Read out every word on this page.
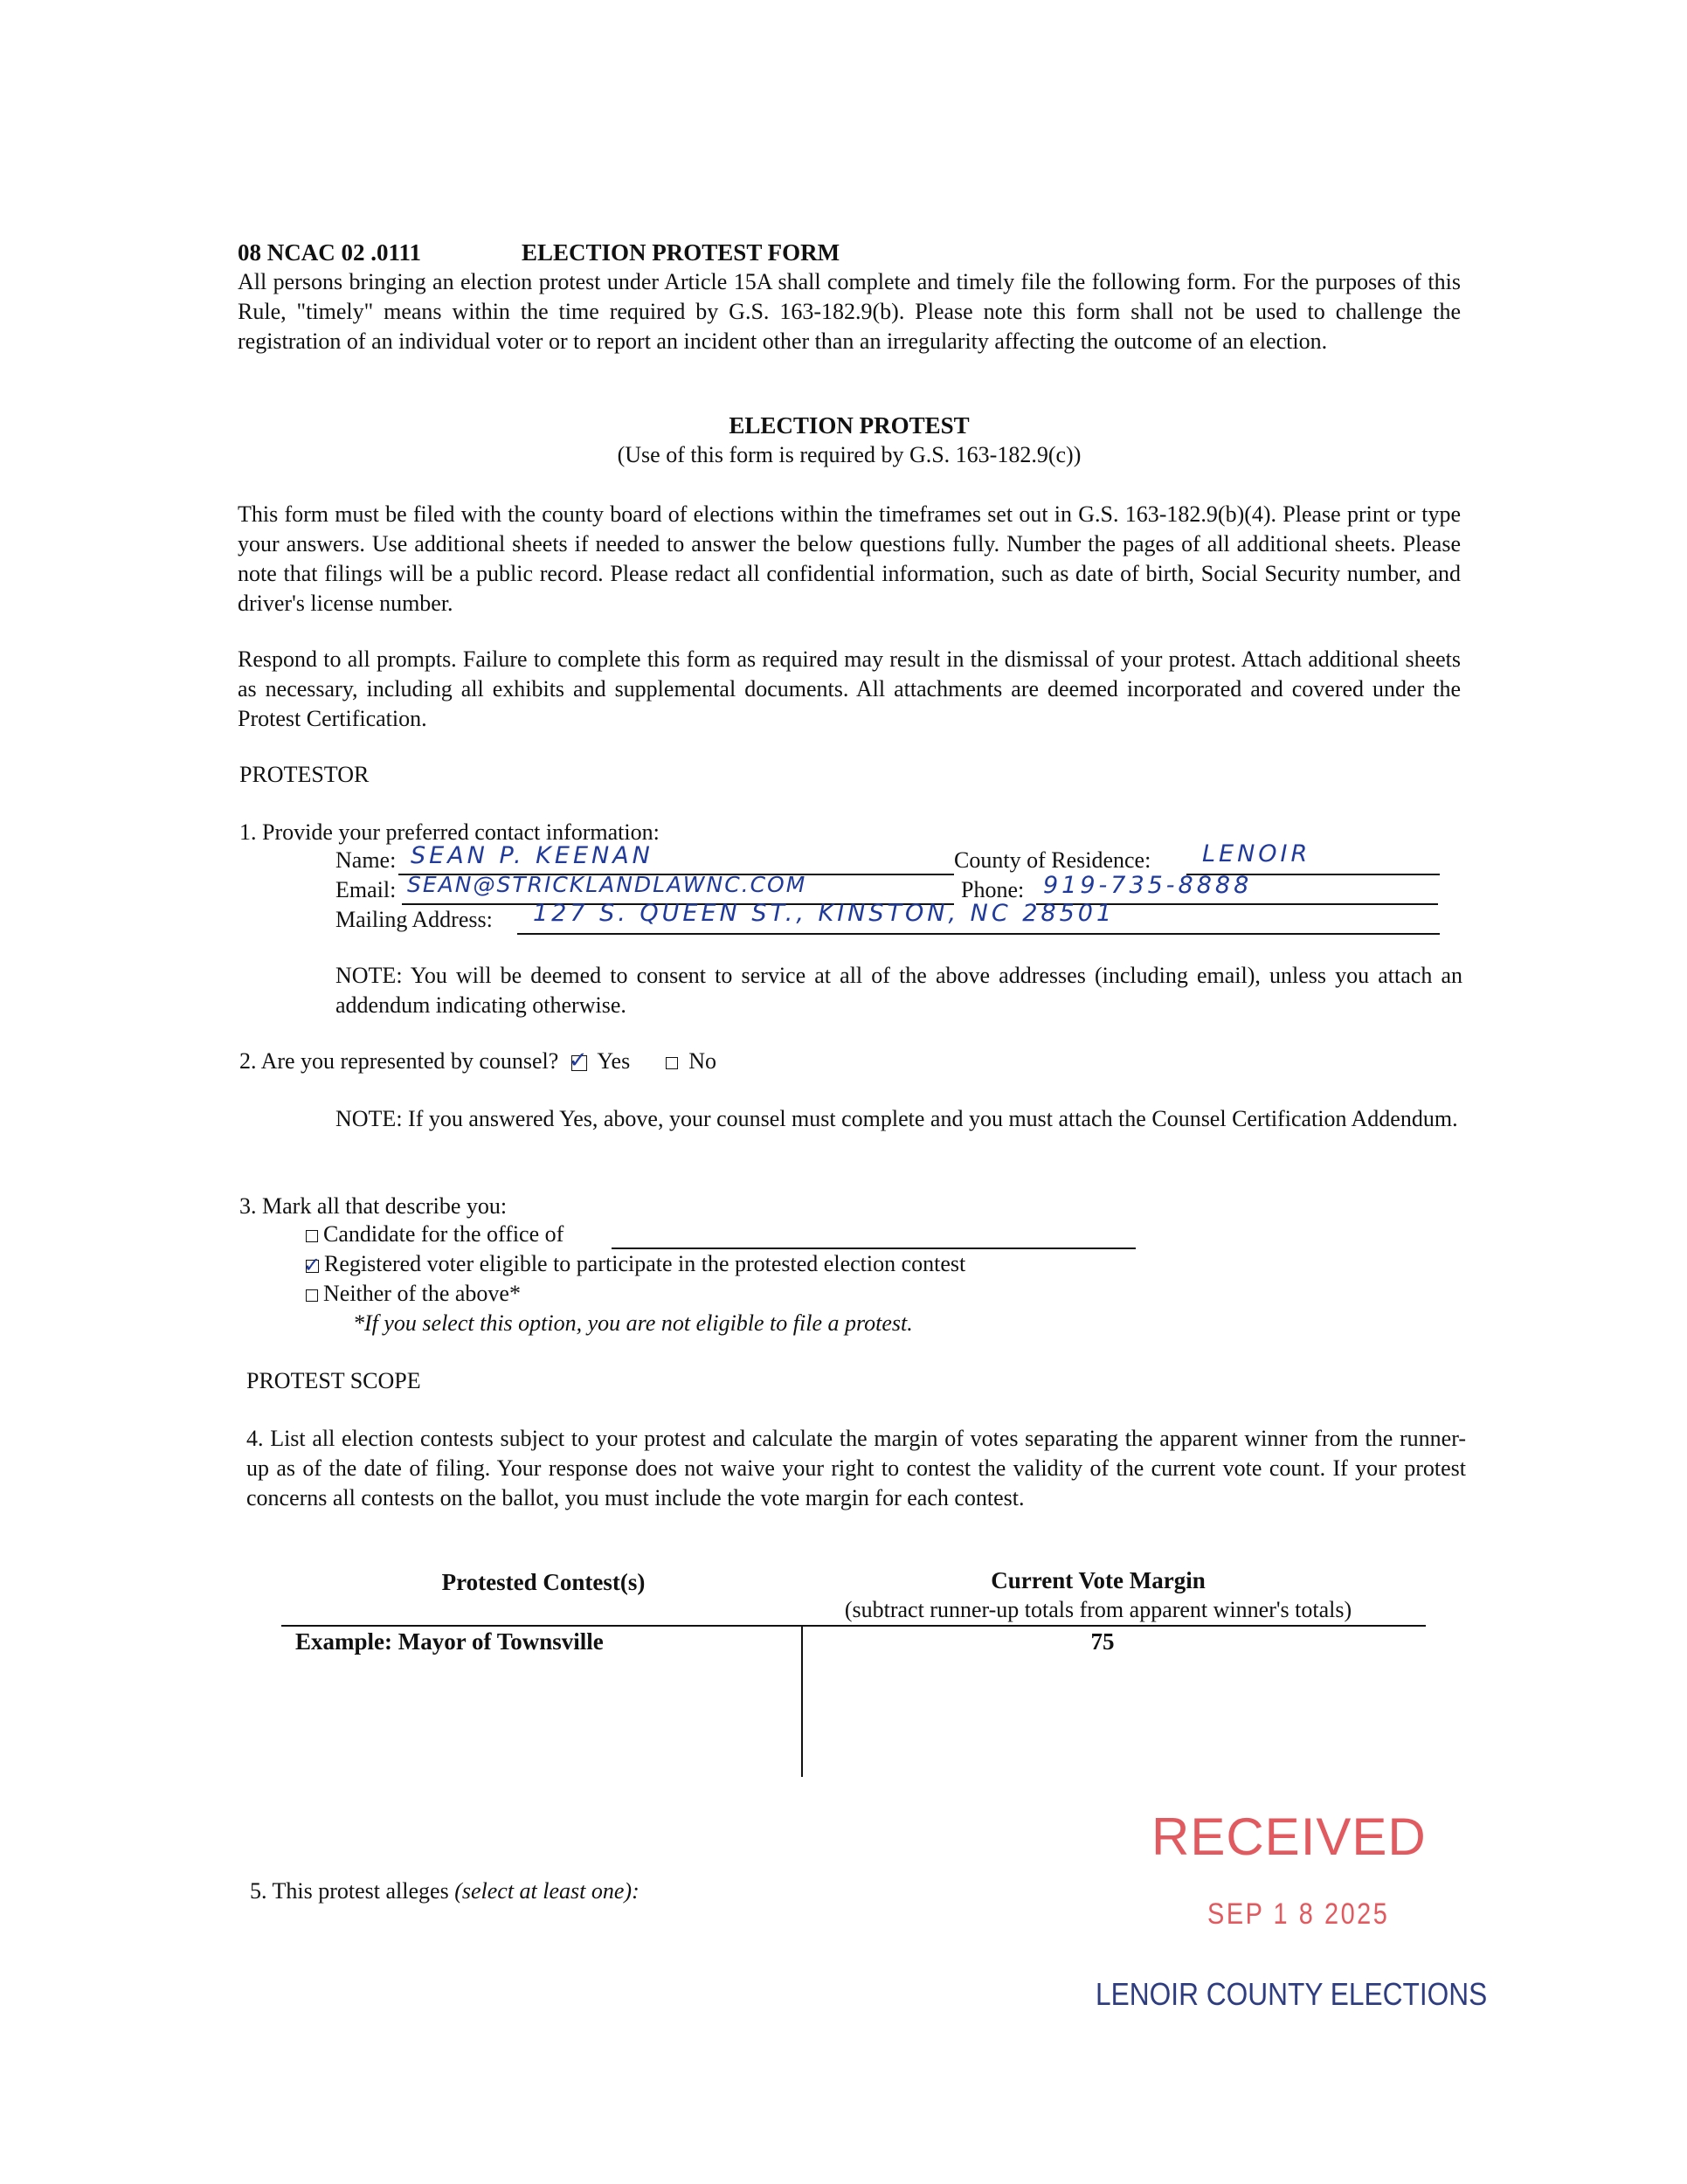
08 NCAC 02 .0111	ELECTION PROTEST FORM
All persons bringing an election protest under Article 15A shall complete and timely file the following form. For the purposes of this Rule, "timely" means within the time required by G.S. 163-182.9(b). Please note this form shall not be used to challenge the registration of an individual voter or to report an incident other than an irregularity affecting the outcome of an election.
ELECTION PROTEST
(Use of this form is required by G.S. 163-182.9(c))
This form must be filed with the county board of elections within the timeframes set out in G.S. 163-182.9(b)(4). Please print or type your answers. Use additional sheets if needed to answer the below questions fully. Number the pages of all additional sheets. Please note that filings will be a public record. Please redact all confidential information, such as date of birth, Social Security number, and driver's license number.
Respond to all prompts. Failure to complete this form as required may result in the dismissal of your protest. Attach additional sheets as necessary, including all exhibits and supplemental documents. All attachments are deemed incorporated and covered under the Protest Certification.
PROTESTOR
1. Provide your preferred contact information:
Name: SEAN P. KEENAN	County of Residence: LENOIR
Email: SEAN@STRICKLANDLAWNC.COM	Phone: 919-735-8888
Mailing Address: 127 S. QUEEN ST., KINSTON, NC 28501
NOTE: You will be deemed to consent to service at all of the above addresses (including email), unless you attach an addendum indicating otherwise.
2. Are you represented by counsel? ✓ Yes	No
NOTE: If you answered Yes, above, your counsel must complete and you must attach the Counsel Certification Addendum.
3. Mark all that describe you:
Candidate for the office of
✓ Registered voter eligible to participate in the protested election contest
Neither of the above*
*If you select this option, you are not eligible to file a protest.
PROTEST SCOPE
4. List all election contests subject to your protest and calculate the margin of votes separating the apparent winner from the runner-up as of the date of filing. Your response does not waive your right to contest the validity of the current vote count. If your protest concerns all contests on the ballot, you must include the vote margin for each contest.
Protested Contest(s)	Current Vote Margin
(subtract runner-up totals from apparent winner's totals)
Example: Mayor of Townsville	75
5. This protest alleges (select at least one):
RECEIVED
SEP 1 8 2025
LENOIR COUNTY ELECTIONS
